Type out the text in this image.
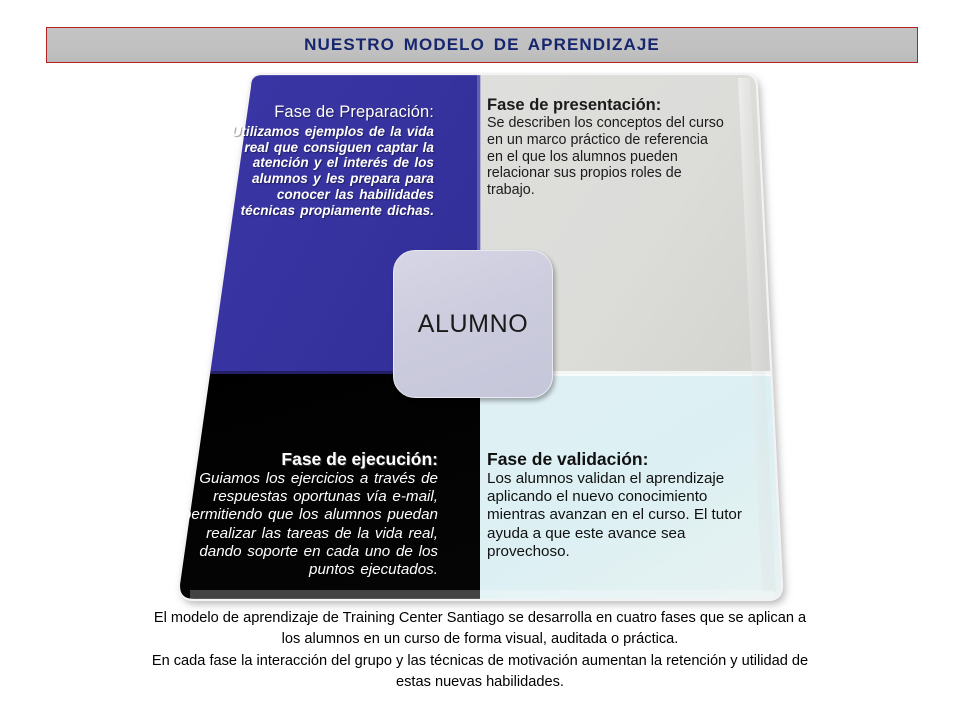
NUESTRO MODELO DE APRENDIZAJE

Fase de Preparación:

Utilizamos ejemplos de la vida real que consiguen captar la atención y el interés de los alumnos y les prepara para conocer las habilidades técnicas propiamente dichas.

Fase de presentación:

Se describen los conceptos del curso en un marco práctico de referencia en el que los alumnos pueden relacionar sus propios roles de trabajo.

Fase de ejecución:

Guiamos los ejercicios a través de respuestas oportunas vía e-mail, permitiendo que los alumnos puedan realizar las tareas de la vida real, dando soporte en cada uno de los puntos ejecutados.

Fase de validación:

Los alumnos validan el aprendizaje aplicando el nuevo conocimiento mientras avanzan en el curso. El tutor ayuda a que este avance sea provechoso.

ALUMNO

El modelo de aprendizaje de Training Center Santiago se desarrolla en cuatro fases que se aplican a

los alumnos en un curso de forma visual, auditada o práctica.

En cada fase la interacción del grupo y las técnicas de motivación aumentan la retención y utilidad de

estas nuevas habilidades.
